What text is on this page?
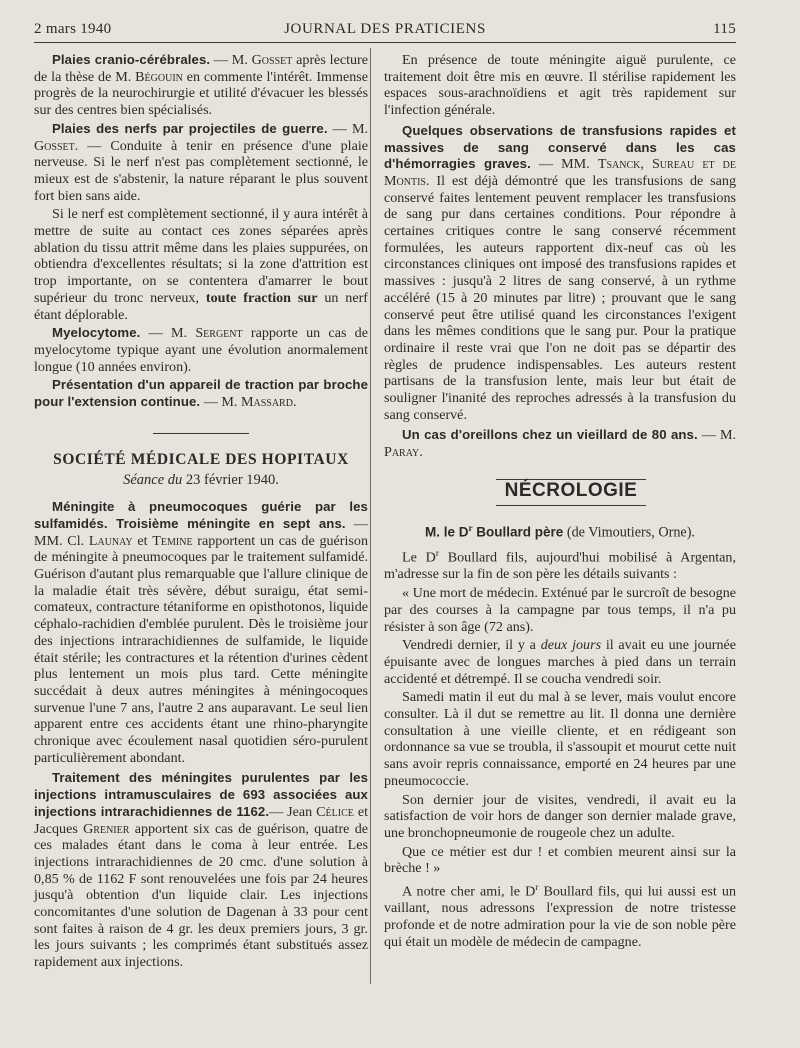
2 mars 1940	JOURNAL DES PRATICIENS	115

Plaies cranio-cérébrales. — M. Gosset après lecture de la thèse de M. Bégouin en commente l'intérêt. Immense progrès de la neurochirurgie et utilité d'évacuer les blessés sur des centres bien spécialisés.

Plaies des nerfs par projectiles de guerre. — M. Gosset. — Conduite à tenir en présence d'une plaie nerveuse. Si le nerf n'est pas complètement sectionné, le mieux est de s'abstenir, la nature réparant le plus souvent fort bien sans aide.

Si le nerf est complètement sectionné, il y aura intérêt à mettre de suite au contact ces zones séparées après ablation du tissu attrit même dans les plaies suppurées, on obtiendra d'excellentes résultats; si la zone d'attrition est trop importante, on se contentera d'amarrer le bout supérieur du tronc nerveux, toute fraction sur un nerf étant déplorable.

Myelocytome. — M. Sergent rapporte un cas de myelocytome typique ayant une évolution anormalement longue (10 années environ).

Présentation d'un appareil de traction par broche pour l'extension continue. — M. Massard.

SOCIÉTÉ MÉDICALE DES HOPITAUX
Séance du 23 février 1940.

Méningite à pneumocoques guérie par les sulfamidés. Troisième méningite en sept ans. — MM. Cl. Launay et Temine rapportent un cas de guérison de méningite à pneumocoques par le traitement sulfamidé. Guérison d'autant plus remarquable que l'allure clinique de la maladie était très sévère, début suraigu, état semi-comateux, contracture tétaniforme en opisthotonos, liquide céphalo-rachidien d'emblée purulent. Dès le troisième jour des injections intrarachidiennes de sulfamide, le liquide était stérile; les contractures et la rétention d'urines cèdent plus lentement un mois plus tard. Cette méningite succédait à deux autres méningites à méningocoques survenue l'une 7 ans, l'autre 2 ans auparavant. Le seul lien apparent entre ces accidents étant une rhino-pharyngite chronique avec écoulement nasal quotidien séro-purulent particulièrement abondant.

Traitement des méningites purulentes par les injections intramusculaires de 693 associées aux injections intrarachidiennes de 1162.— Jean Célice et Jacques Grenier apportent six cas de guérison, quatre de ces malades étant dans le coma à leur entrée. Les injections intrarachidiennes de 20 cmc. d'une solution à 0,85 % de 1162 F sont renouvelées une fois par 24 heures jusqu'à obtention d'un liquide clair. Les injections concomitantes d'une solution de Dagenan à 33 pour cent sont faites à raison de 4 gr. les deux premiers jours, 3 gr. les jours suivants ; les comprimés étant substitués assez rapidement aux injections.

En présence de toute méningite aiguë purulente, ce traitement doit être mis en œuvre. Il stérilise rapidement les espaces sous-arachnoïdiens et agit très rapidement sur l'infection générale.

Quelques observations de transfusions rapides et massives de sang conservé dans les cas d'hémorragies graves. — MM. Tsanck, Sureau et de Montis. Il est déjà démontré que les transfusions de sang conservé faites lentement peuvent remplacer les transfusions de sang pur dans certaines conditions. Pour répondre à certaines critiques contre le sang conservé récemment formulées, les auteurs rapportent dix-neuf cas où les circonstances cliniques ont imposé des transfusions rapides et massives : jusqu'à 2 litres de sang conservé, à un rythme accéléré (15 à 20 minutes par litre) ; prouvant que le sang conservé peut être utilisé quand les circonstances l'exigent dans les mêmes conditions que le sang pur. Pour la pratique ordinaire il reste vrai que l'on ne doit pas se départir des règles de prudence indispensables. Les auteurs restent partisans de la transfusion lente, mais leur but était de souligner l'inanité des reproches adressés à la transfusion du sang conservé.

Un cas d'oreillons chez un vieillard de 80 ans. — M. Paray.

NÉCROLOGIE
M. le $D^r$ Boullard père (de Vimoutiers, Orne).

Le $D^r$ Boullard fils, aujourd'hui mobilisé à Argentan, m'adresse sur la fin de son père les détails suivants :

« Une mort de médecin. Exténué par le surcroît de besogne par des courses à la campagne par tous temps, il n'a pu résister à son âge (72 ans).

Vendredi dernier, il y a deux jours il avait eu une journée épuisante avec de longues marches à pied dans un terrain accidenté et détrempé. Il se coucha vendredi soir.

Samedi matin il eut du mal à se lever, mais voulut encore consulter. Là il dut se remettre au lit. Il donna une dernière consultation à une vieille cliente, et en rédigeant son ordonnance sa vue se troubla, il s'assoupit et mourut cette nuit sans avoir repris connaissance, emporté en 24 heures par une pneumococcie.

Son dernier jour de visites, vendredi, il avait eu la satisfaction de voir hors de danger son dernier malade grave, une bronchopneumonie de rougeole chez un adulte.

Que ce métier est dur ! et combien meurent ainsi sur la brèche ! »

A notre cher ami, le $D^r$ Boullard fils, qui lui aussi est un vaillant, nous adressons l'expression de notre tristesse profonde et de notre admiration pour la vie de son noble père qui était un modèle de médecin de campagne.
